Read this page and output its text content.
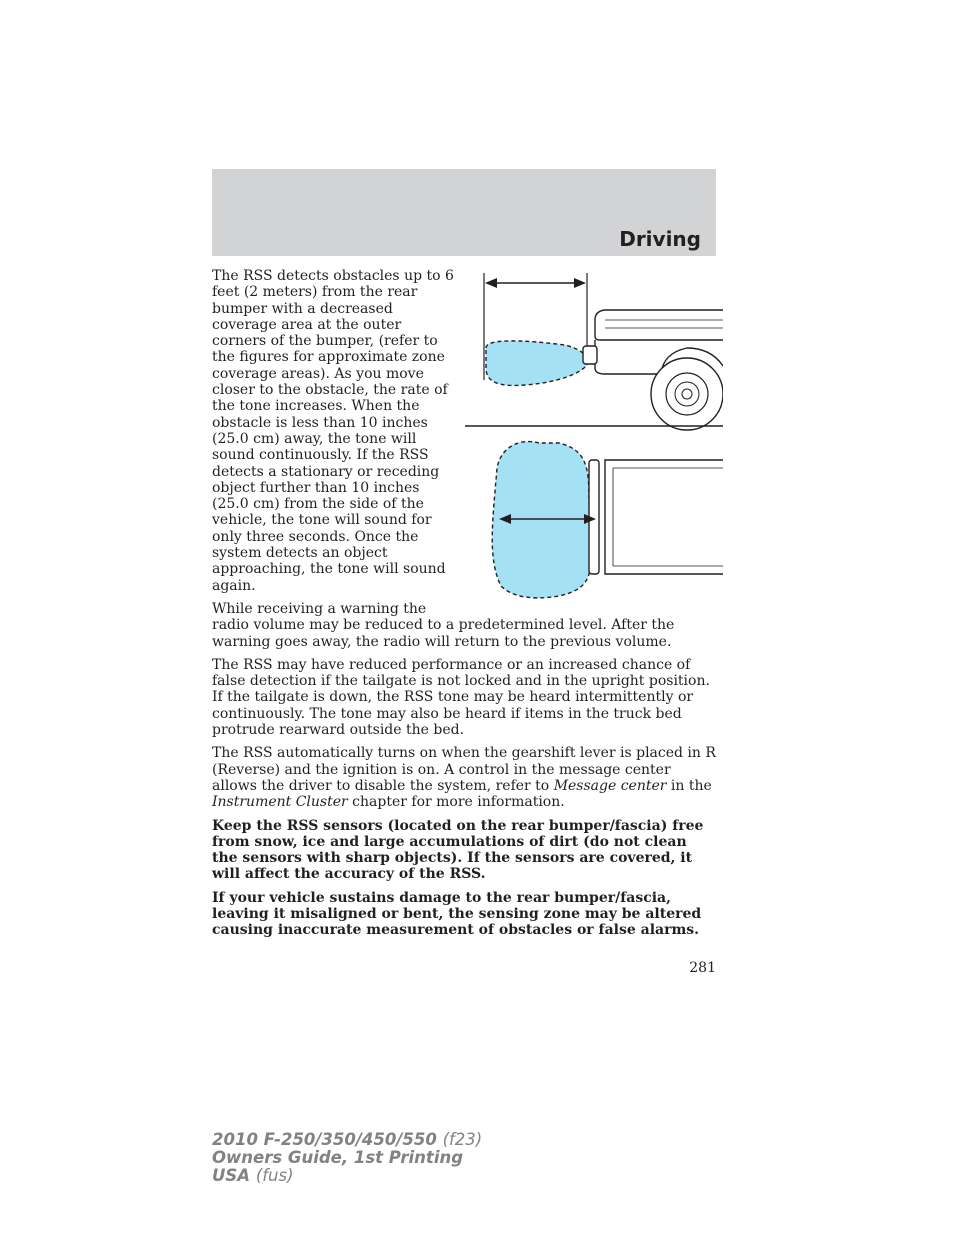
Driving

The RSS detects obstacles up to 6 feet (2 meters) from the rear bumper with a decreased coverage area at the outer corners of the bumper, (refer to the figures for approximate zone coverage areas). As you move closer to the obstacle, the rate of the tone increases. When the obstacle is less than 10 inches (25.0 cm) away, the tone will sound continuously. If the RSS detects a stationary or receding object further than 10 inches (25.0 cm) from the side of the vehicle, the tone will sound for only three seconds. Once the system detects an object approaching, the tone will sound again.

While receiving a warning the radio volume may be reduced to a predetermined level. After the warning goes away, the radio will return to the previous volume.

The RSS may have reduced performance or an increased chance of false detection if the tailgate is not locked and in the upright position. If the tailgate is down, the RSS tone may be heard intermittently or continuously. The tone may also be heard if items in the truck bed protrude rearward outside the bed.

The RSS automatically turns on when the gearshift lever is placed in R (Reverse) and the ignition is on. A control in the message center allows the driver to disable the system, refer to Message center in the Instrument Cluster chapter for more information.

Keep the RSS sensors (located on the rear bumper/fascia) free from snow, ice and large accumulations of dirt (do not clean the sensors with sharp objects). If the sensors are covered, it will affect the accuracy of the RSS.

If your vehicle sustains damage to the rear bumper/fascia, leaving it misaligned or bent, the sensing zone may be altered causing inaccurate measurement of obstacles or false alarms.

281
2010 F-250/350/450/550 (f23)
Owners Guide, 1st Printing
USA (fus)
